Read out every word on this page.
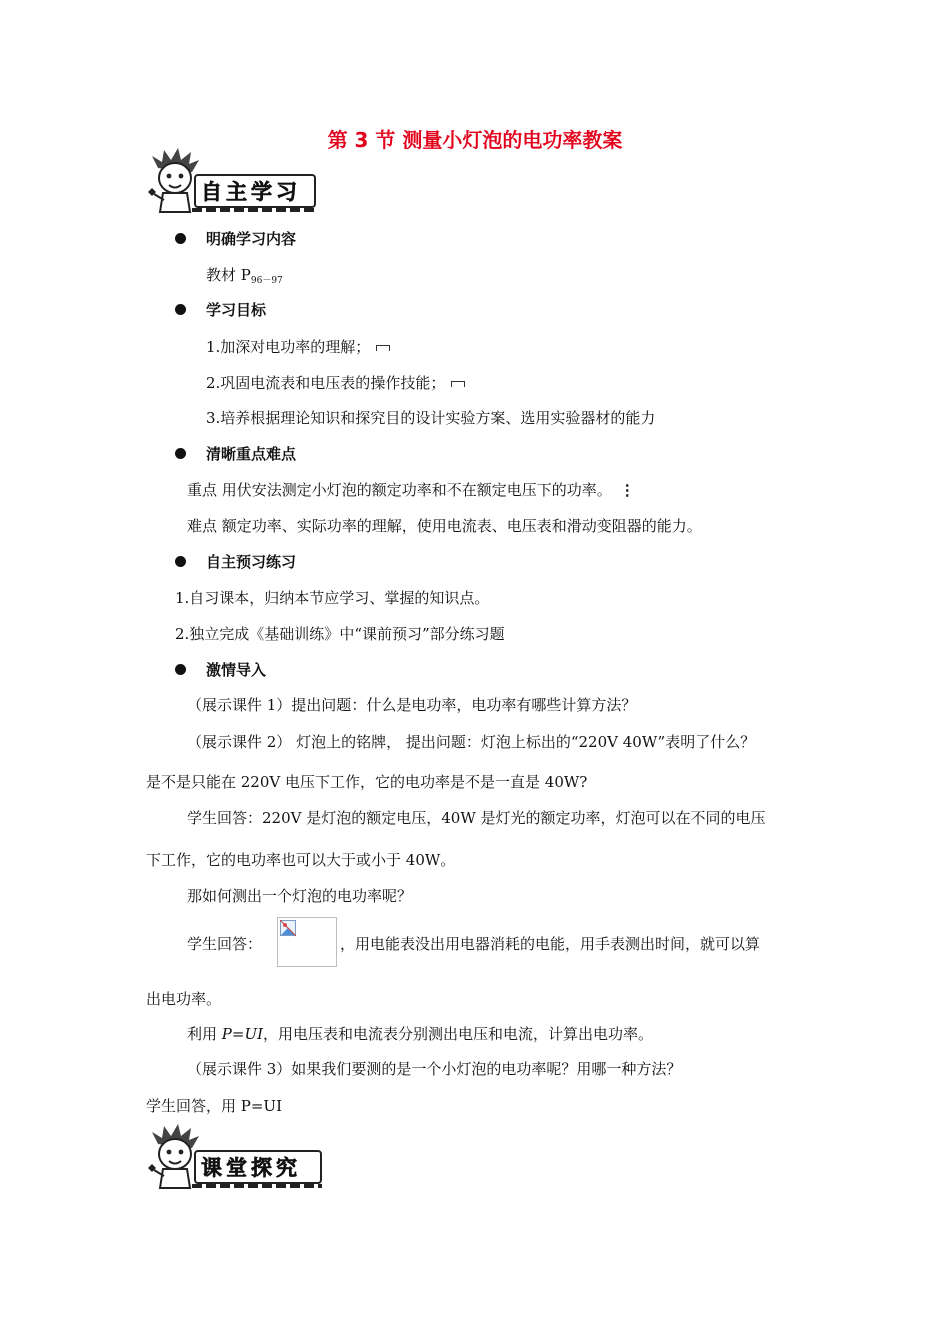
第 3 节 测量小灯泡的电功率教案
自主学习
明确学习内容
教材 $P_{96-97}$
学习目标
1.加深对电功率的理解；
2.巩固电流表和电压表的操作技能；
3.培养根据理论知识和探究目的设计实验方案、选用实验器材的能力
清晰重点难点
重点 用伏安法测定小灯泡的额定功率和不在额定电压下的功率。 ⋮
难点 额定功率、实际功率的理解，使用电流表、电压表和滑动变阻器的能力。
自主预习练习
1.自习课本，归纳本节应学习、掌握的知识点。
2.独立完成《基础训练》中“课前预习”部分练习题
激情导入
（展示课件 1）提出问题：什么是电功率，电功率有哪些计算方法？
（展示课件 2） 灯泡上的铭牌， 提出问题：灯泡上标出的“220V 40W”表明了什么？
是不是只能在 220V 电压下工作，它的电功率是不是一直是 40W?
学生回答：220V 是灯泡的额定电压，40W 是灯光的额定功率，灯泡可以在不同的电压
下工作，它的电功率也可以大于或小于 40W。
那如何测出一个灯泡的电功率呢？
学生回答：	，用电能表没出用电器消耗的电能，用手表测出时间，就可以算
出电功率。
利用 P=UI，用电压表和电流表分别测出电压和电流，计算出电功率。
（展示课件 3）如果我们要测的是一个小灯泡的电功率呢？用哪一种方法？
学生回答，用 P=UI
课堂探究
